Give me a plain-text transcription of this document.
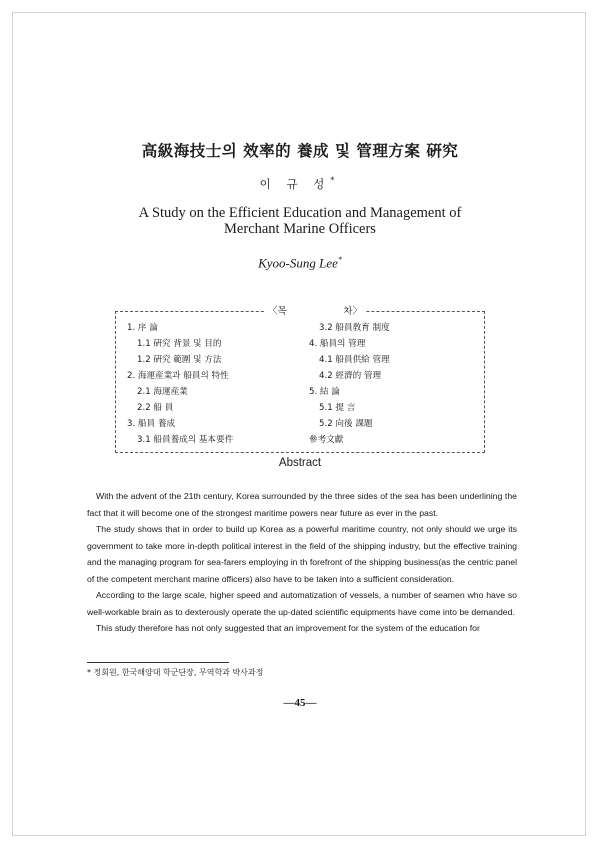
高級海技士의 效率的 養成 및 管理方案 硏究
이 규 성*
A Study on the Efficient Education and Management of
Merchant Marine Officers
Kyoo-Sung Lee*
〈목	차〉
1. 序 論
1.1 硏究 背景 및 目的
1.2 硏究 範圍 및 方法
2. 海運産業과 船員의 特性
2.1 海運産業
2.2 船 員
3. 船員 養成
3.1 船員養成의 基本要件
3.2 船員敎育 制度
4. 船員의 管理
4.1 船員供給 管理
4.2 經濟的 管理
5. 結 論
5.1 提 言
5.2 向後 課題
參考文獻
Abstract

With the advent of the 21th century, Korea surrounded by the three sides of the sea has been underlining the fact that it will become one of the strongest maritime powers near future as ever in the past.

The study shows that in order to build up Korea as a powerful maritime country, not only should we urge its government to take more in-depth political interest in the field of the shipping industry, but the effective training and the managing program for sea-farers employing in th forefront of the shipping business(as the centric panel of the competent merchant marine officers) also have to be taken into a sufficient consideration.

According to the large scale, higher speed and automatization of vessels, a number of seamen who have so well-workable brain as to dexterously operate the up-dated scientific equipments have come into be demanded.

This study therefore has not only suggested that an improvement for the system of the education for

* 정회원, 한국해양대 학군단장, 무역학과 박사과정
—45—
